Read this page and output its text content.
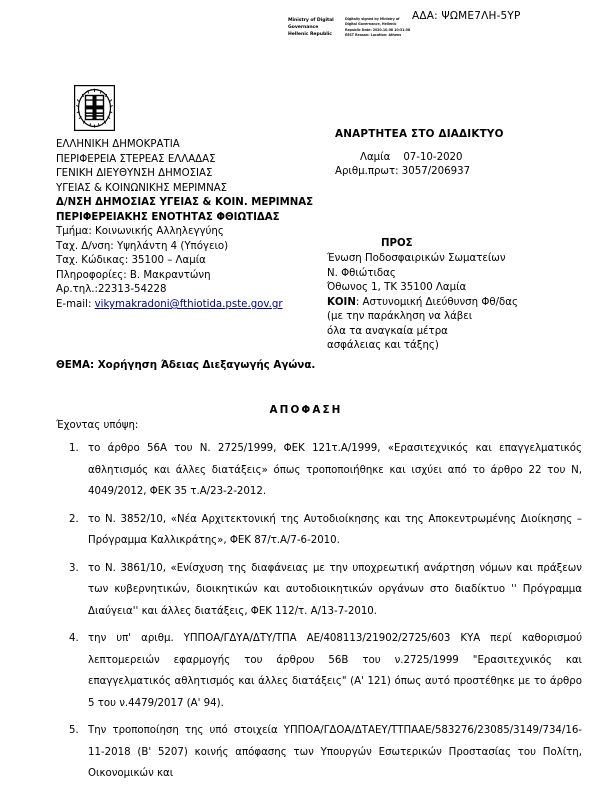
ΑΔΑ: ΨΩΜΕ7ΛΗ-5ΥΡ
Ministry of Digital Governance Hellenic Republic
Digitally signed by Ministry of Digital Governance, Hellenic Republic Date: 2020.10.08 10:31:38 EEST Reason: Location: Athens
ΕΛΛΗΝΙΚΗ ΔΗΜΟΚΡΑΤΙΑ
ΠΕΡΙΦΕΡΕΙΑ ΣΤΕΡΕΑΣ ΕΛΛΑΔΑΣ
ΓΕΝΙΚΗ ΔΙΕΥΘΥΝΣΗ ΔΗΜΟΣΙΑΣ
ΥΓΕΙΑΣ & ΚΟΙΝΩΝΙΚΗΣ ΜΕΡΙΜΝΑΣ
Δ/ΝΣΗ ΔΗΜΟΣΙΑΣ ΥΓΕΙΑΣ & ΚΟΙΝ. ΜΕΡΙΜΝΑΣ
ΠΕΡΙΦΕΡΕΙΑΚΗΣ ΕΝΟΤΗΤΑΣ ΦΘΙΩΤΙΔΑΣ
Τμήμα: Κοινωνικής Αλληλεγγύης
Ταχ. Δ/νση: Υψηλάντη 4 (Υπόγειο)
Ταχ. Κώδικας: 35100 – Λαμία
Πληροφορίες: Β. Μακραντώνη
Αρ.τηλ.:22313-54228
E-mail: vikymakradoni@fthiotida.pste.gov.gr
ΑΝΑΡΤΗΤΕΑ ΣΤΟ ΔΙΑΔΙΚΤΥΟ
Λαμία 07-10-2020
Αριθμ.πρωτ: 3057/206937
ΠΡΟΣ
Ένωση Ποδοσφαιρικών Σωματείων
Ν. Φθιώτιδας
Όθωνος 1, ΤΚ 35100 Λαμία
ΚΟΙΝ: Αστυνομική Διεύθυνση Φθ/δας
(με την παράκληση να λάβει
όλα τα αναγκαία μέτρα
ασφάλειας και τάξης)
ΘΕΜΑ: Χορήγηση Άδειας Διεξαγωγής Αγώνα.
ΑΠΟΦΑΣΗ
Έχοντας υπόψη:
1. το άρθρο 56Α του Ν. 2725/1999, ΦΕΚ 121τ.Α/1999, «Ερασιτεχνικός και επαγγελματικός αθλητισμός και άλλες διατάξεις» όπως τροποποιήθηκε και ισχύει από το άρθρο 22 του Ν, 4049/2012, ΦΕΚ 35 τ.Α/23-2-2012.
2. το Ν. 3852/10, «Νέα Αρχιτεκτονική της Αυτοδιοίκησης και της Αποκεντρωμένης Διοίκησης – Πρόγραμμα Καλλικράτης», ΦΕΚ 87/τ.Α/7-6-2010.
3. το Ν. 3861/10, «Ενίσχυση της διαφάνειας με την υποχρεωτική ανάρτηση νόμων και πράξεων των κυβερνητικών, διοικητικών και αυτοδιοικητικών οργάνων στο διαδίκτυο '' Πρόγραμμα Διαύγεια'' και άλλες διατάξεις, ΦΕΚ 112/τ. Α/13-7-2010.
4. την υπ' αριθμ. ΥΠΠΟΑ/ΓΔΥΑ/ΔΤΥ/ΤΠΑ ΑΕ/408113/21902/2725/603 ΚΥΑ περί καθορισμού λεπτομερειών εφαρμογής του άρθρου 56Β του ν.2725/1999 "Ερασιτεχνικός και επαγγελματικός αθλητισμός και άλλες διατάξεις" (Α' 121) όπως αυτό προστέθηκε με το άρθρο 5 του ν.4479/2017 (Α' 94).
5. Την τροποποίηση της υπό στοιχεία ΥΠΠΟΑ/ΓΔΟΑ/ΔΤΑΕΥ/ΤΤΠΑΑΕ/583276/23085/3149/734/16-11-2018 (Β' 5207) κοινής απόφασης των Υπουργών Εσωτερικών Προστασίας του Πολίτη, Οικονομικών και
